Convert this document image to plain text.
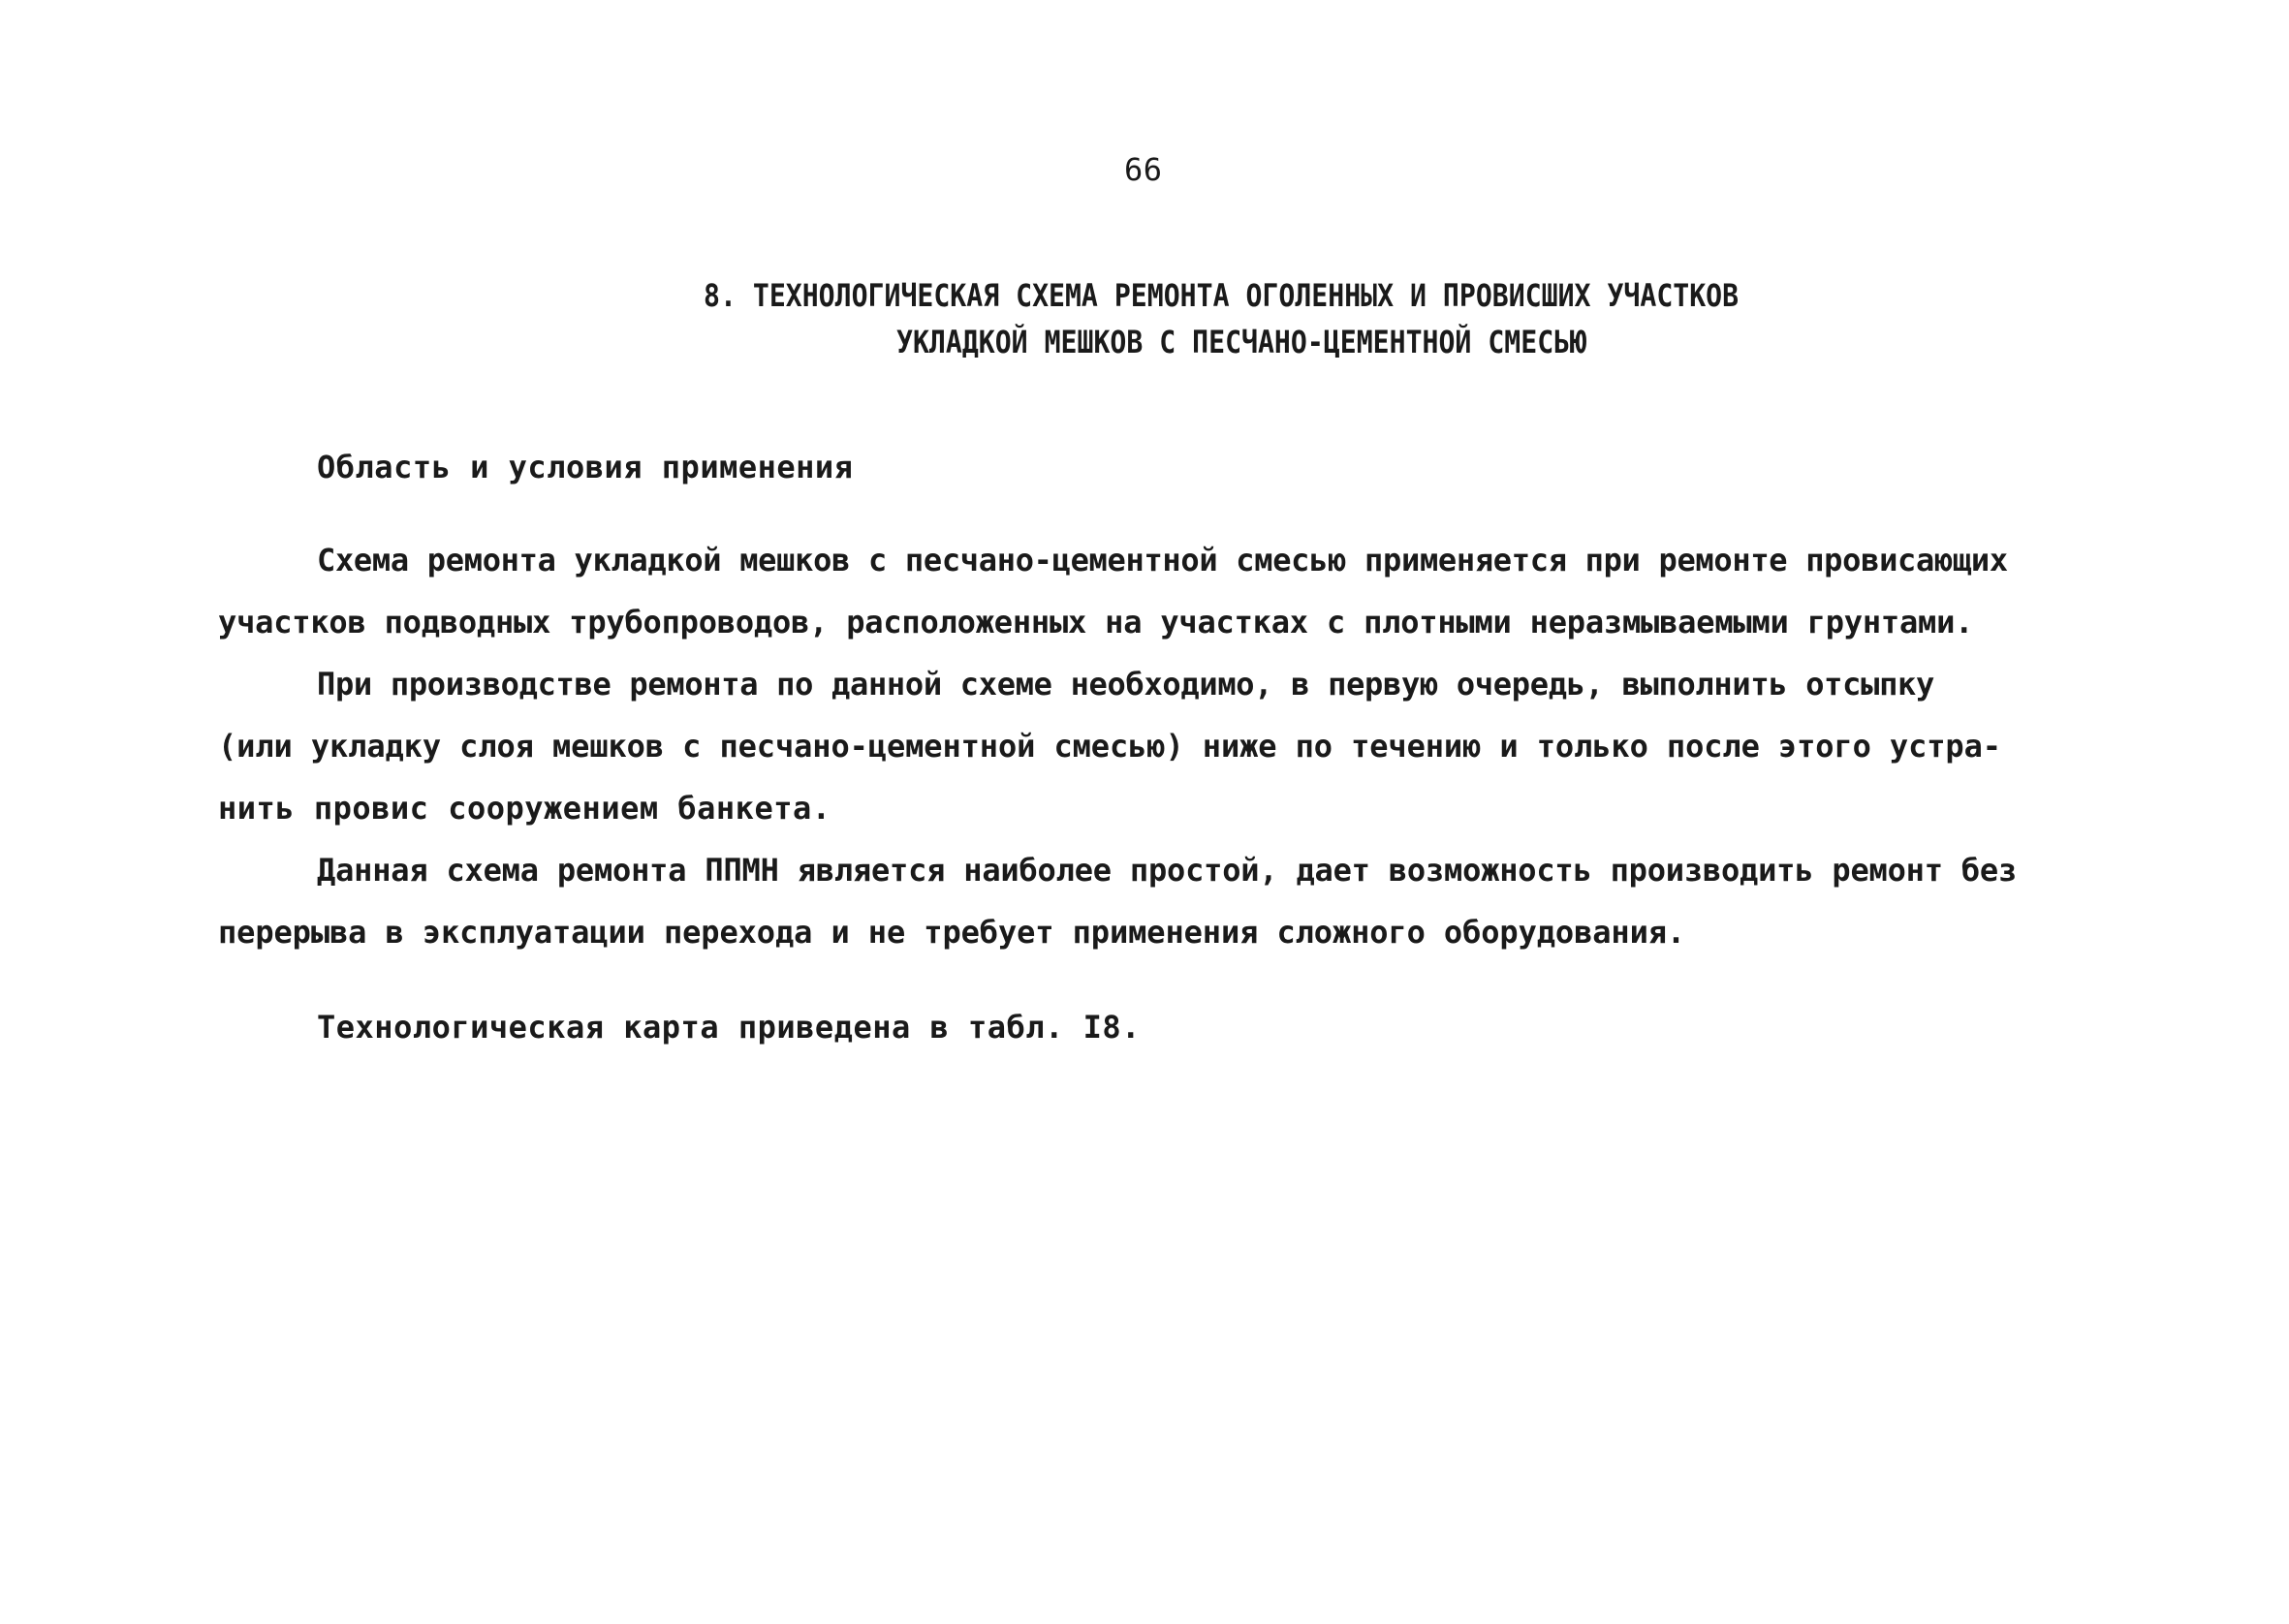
66
8. ТЕХНОЛОГИЧЕСКАЯ СХЕМА РЕМОНТА ОГОЛЕННЫХ И ПРОВИСШИХ УЧАСТКОВ
УКЛАДКОЙ МЕШКОВ С ПЕСЧАНО-ЦЕМЕНТНОЙ СМЕСЬЮ
Область и условия применения
Схема ремонта укладкой мешков с песчано-цементной смесью применяется при ремонте провисающих
участков подводных трубопроводов, расположенных на участках с плотными неразмываемыми грунтами.
При производстве ремонта по данной схеме необходимо, в первую очередь, выполнить отсыпку
(или укладку слоя мешков с песчано-цементной смесью) ниже по течению и только после этого устра-
нить провис сооружением банкета.
Данная схема ремонта ППМН является наиболее простой, дает возможность производить ремонт без
перерыва в эксплуатации перехода и не требует применения сложного оборудования.
Технологическая карта приведена в табл. I8.
